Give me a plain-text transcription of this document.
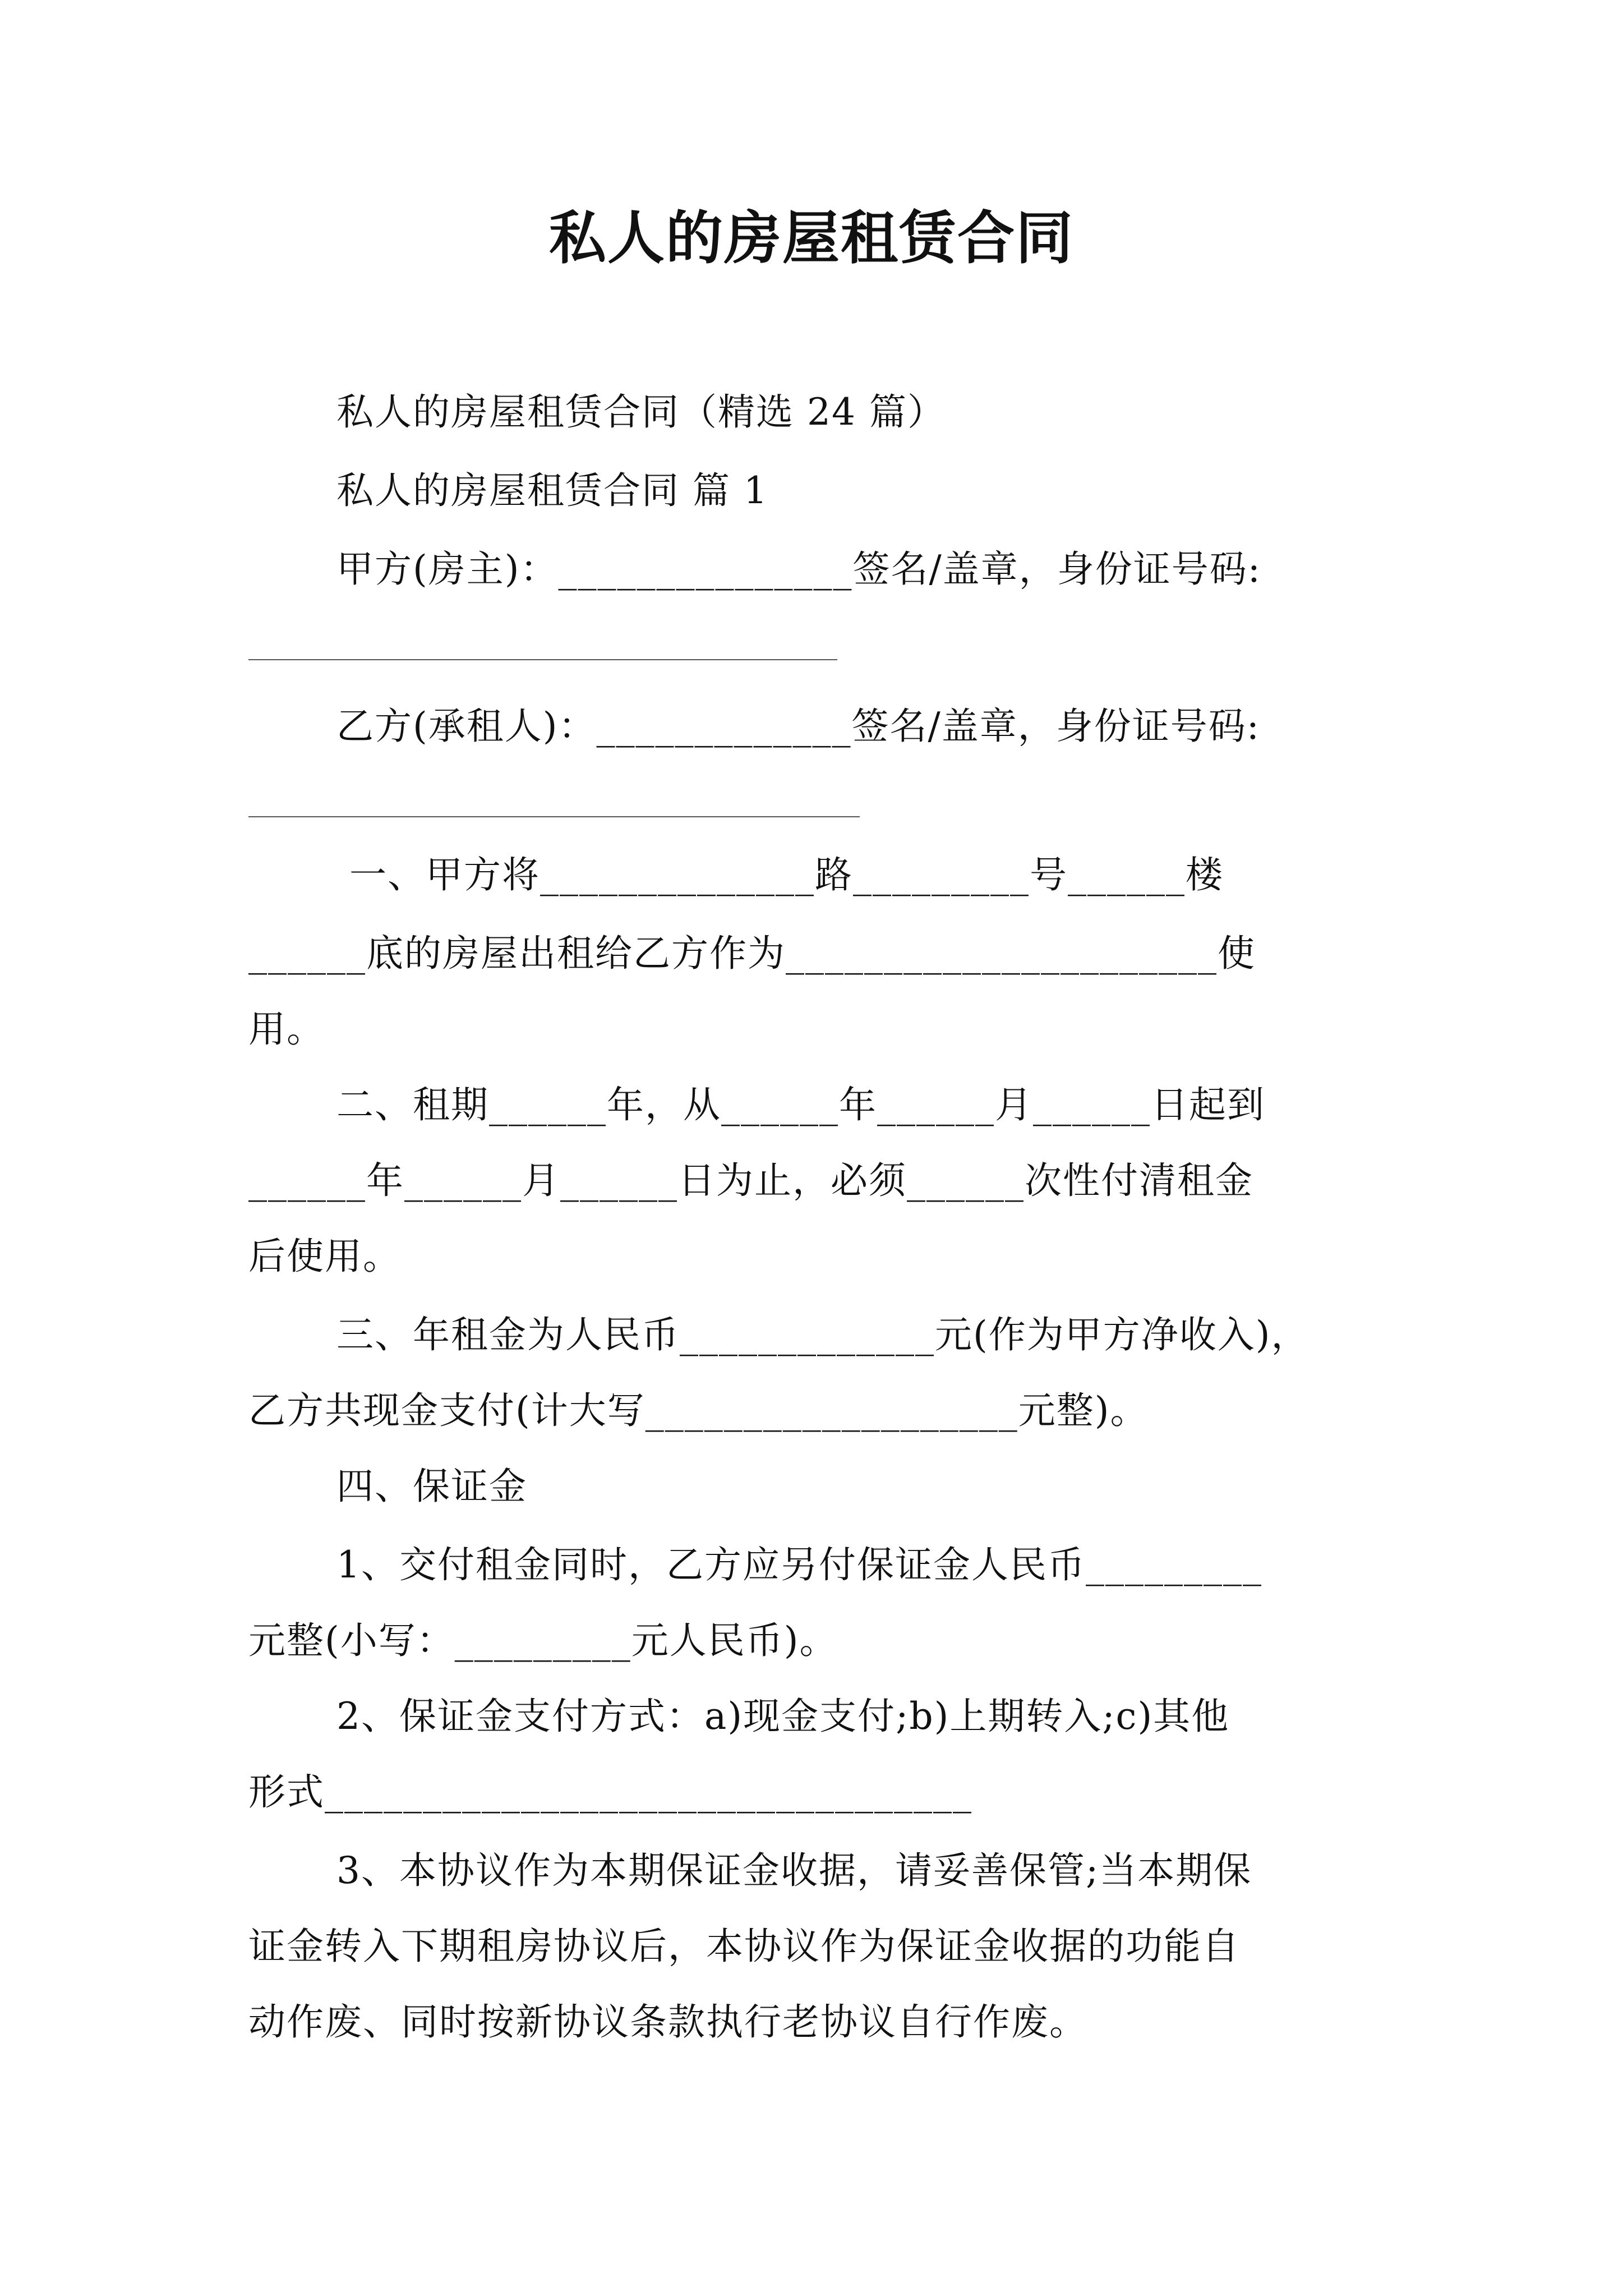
私人的房屋租赁合同
私人的房屋租赁合同（精选 24 篇）
私人的房屋租赁合同 篇 1
甲方(房主)：_______________签名/盖章，身份证号码:
乙方(承租人)：_____________签名/盖章，身份证号码:
一、甲方将______________路_________号______楼
______底的房屋出租给乙方作为______________________使
用。
二、租期______年，从______年______月______日起到
______年______月______日为止，必须______次性付清租金
后使用。
三、年租金为人民币_____________元(作为甲方净收入)，
乙方共现金支付(计大写___________________元整)。
四、保证金
1、交付租金同时，乙方应另付保证金人民币_________
元整(小写：_________元人民币)。
2、保证金支付方式：a)现金支付;b)上期转入;c)其他
形式_________________________________
3、本协议作为本期保证金收据，请妥善保管;当本期保
证金转入下期租房协议后，本协议作为保证金收据的功能自
动作废、同时按新协议条款执行老协议自行作废。
